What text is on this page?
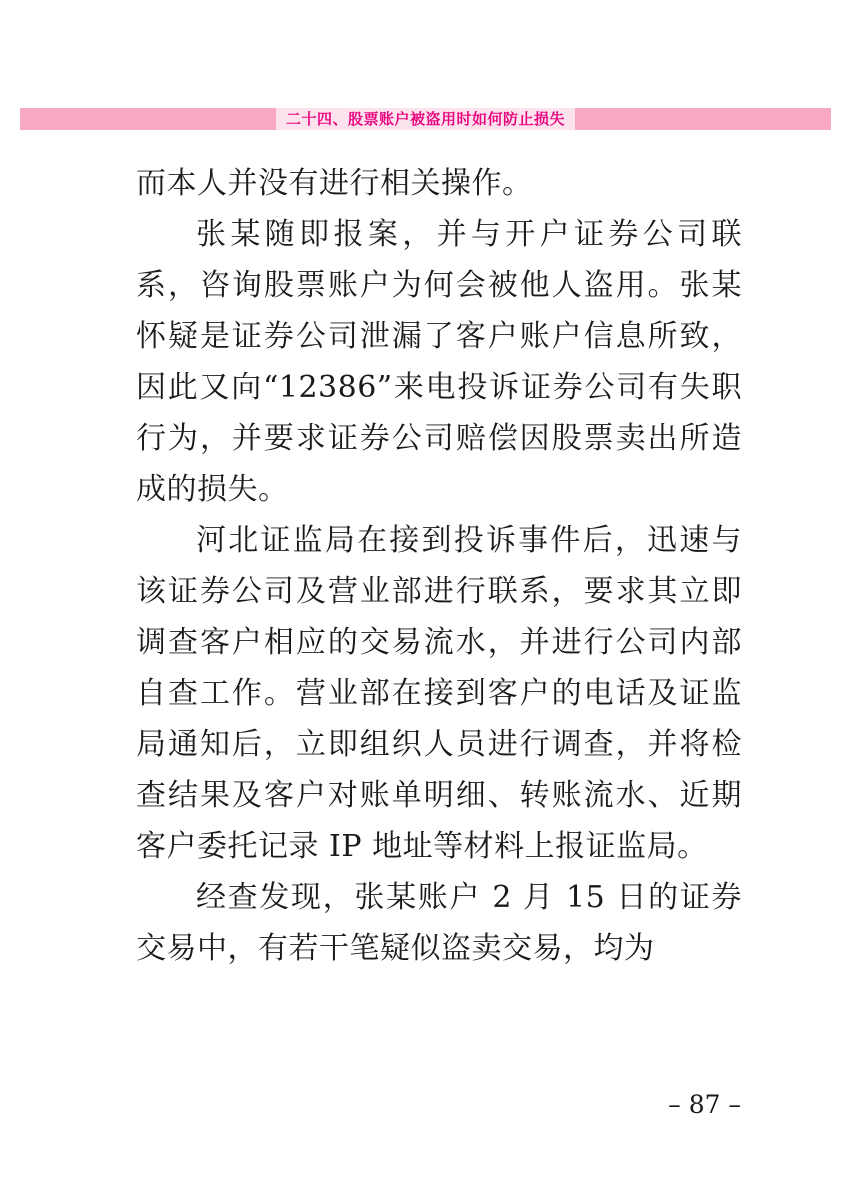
二十四、股票账户被盗用时如何防止损失

而本人并没有进行相关操作。

张某随即报案，并与开户证券公司联系，咨询股票账户为何会被他人盗用。张某怀疑是证券公司泄漏了客户账户信息所致，因此又向“12386”来电投诉证券公司有失职行为，并要求证券公司赔偿因股票卖出所造成的损失。

河北证监局在接到投诉事件后，迅速与该证券公司及营业部进行联系，要求其立即调查客户相应的交易流水，并进行公司内部自查工作。营业部在接到客户的电话及证监局通知后，立即组织人员进行调查，并将检查结果及客户对账单明细、转账流水、近期客户委托记录 IP 地址等材料上报证监局。

经查发现，张某账户 2 月 15 日的证券交易中，有若干笔疑似盗卖交易，均为

– 87 –
